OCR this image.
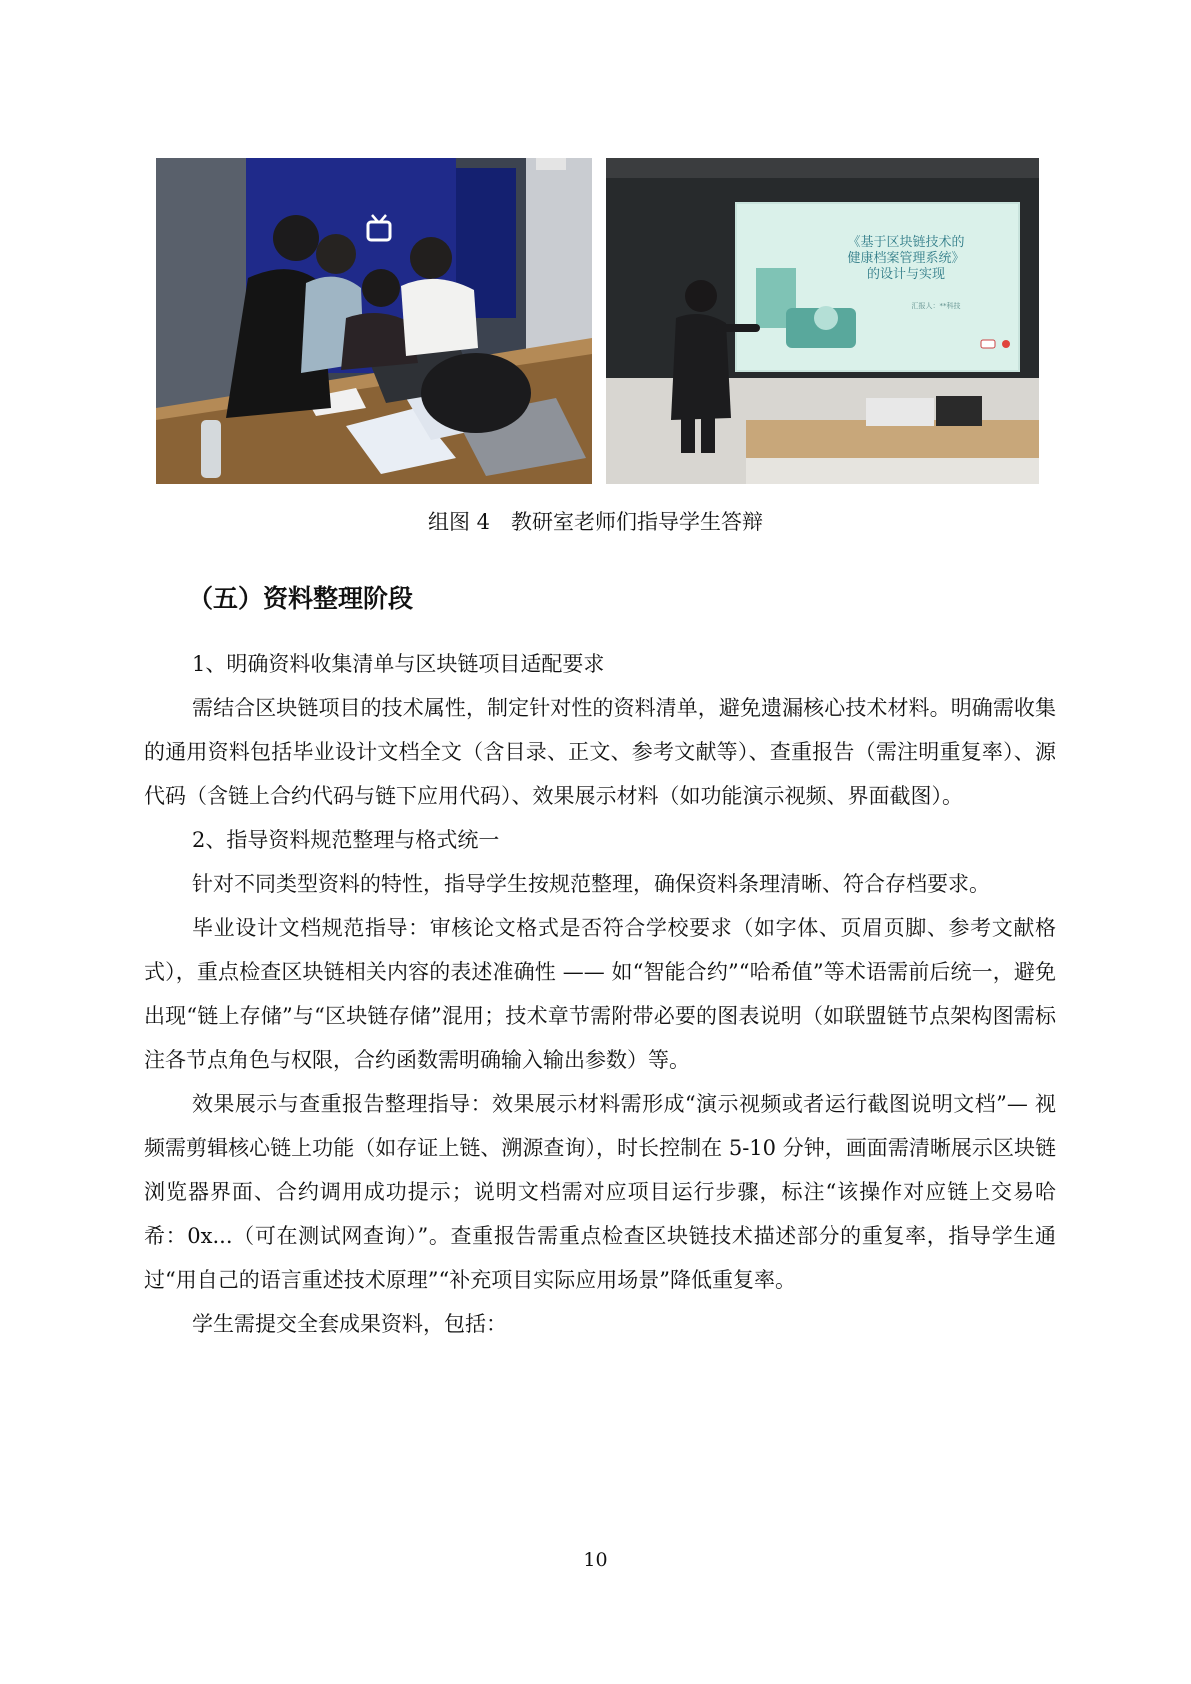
《基于区块链技术的
健康档案管理系统》
的设计与实现
汇报人：**科技
组图 4　教研室老师们指导学生答辩
（五）资料整理阶段

1、明确资料收集清单与区块链项目适配要求

需结合区块链项目的技术属性，制定针对性的资料清单，避免遗漏核心技术材料。明确需收集的通用资料包括毕业设计文档全文（含目录、正文、参考文献等）、查重报告（需注明重复率）、源代码（含链上合约代码与链下应用代码）、效果展示材料（如功能演示视频、界面截图）。

2、指导资料规范整理与格式统一

针对不同类型资料的特性，指导学生按规范整理，确保资料条理清晰、符合存档要求。

毕业设计文档规范指导：审核论文格式是否符合学校要求（如字体、页眉页脚、参考文献格式），重点检查区块链相关内容的表述准确性 —— 如“智能合约”“哈希值”等术语需前后统一，避免出现“链上存储”与“区块链存储”混用；技术章节需附带必要的图表说明（如联盟链节点架构图需标注各节点角色与权限，合约函数需明确输入输出参数）等。

效果展示与查重报告整理指导：效果展示材料需形成“演示视频或者运行截图说明文档”— 视频需剪辑核心链上功能（如存证上链、溯源查询），时长控制在 5-10 分钟，画面需清晰展示区块链浏览器界面、合约调用成功提示；说明文档需对应项目运行步骤，标注“该操作对应链上交易哈希：0x...（可在测试网查询）”。查重报告需重点检查区块链技术描述部分的重复率，指导学生通过“用自己的语言重述技术原理”“补充项目实际应用场景”降低重复率。

学生需提交全套成果资料，包括：

10
